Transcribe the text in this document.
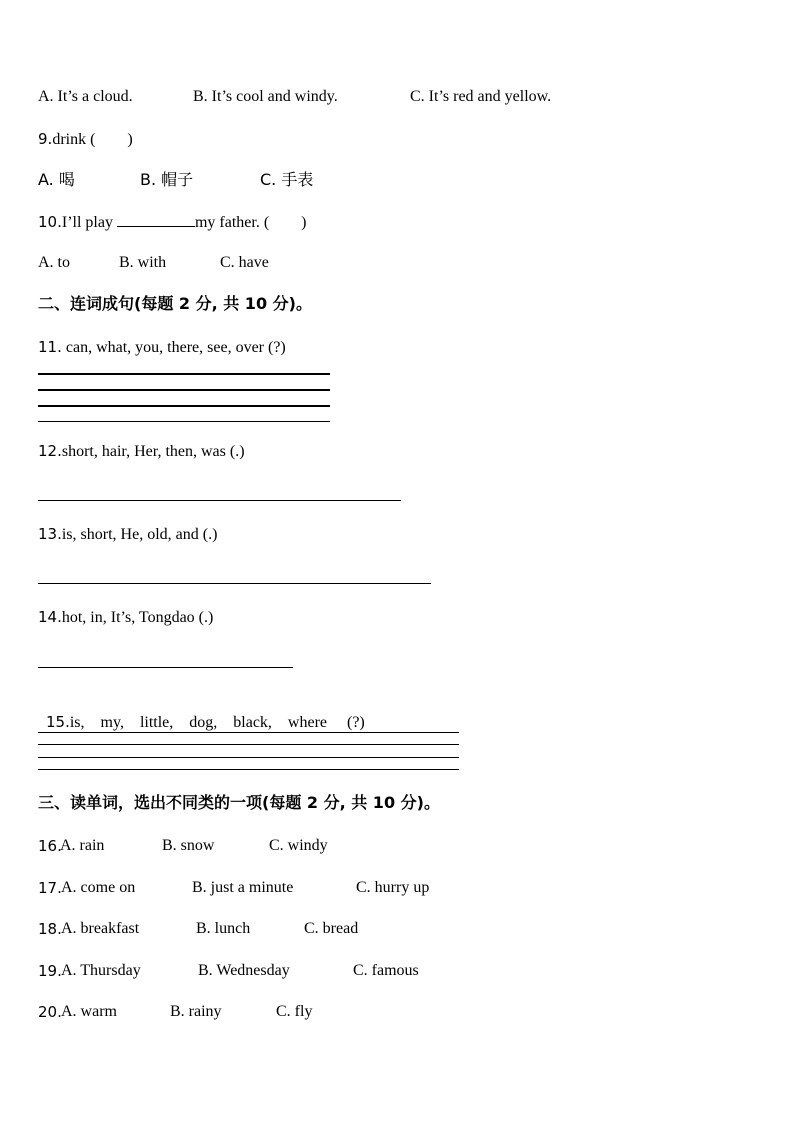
A. It’s a cloud.	B. It’s cool and windy.	C. It’s red and yellow.
9.drink (　　)
A. 喝	B. 帽子	C. 手表
10.I’ll play	my father. (　　)
A. to	B. with	C. have
二、连词成句(每题 2 分, 共 10 分)。
11. can, what, you, there, see, over (?)
12.short, hair, Her, then, was (.)
13.is, short, He, old, and (.)
14.hot, in, It’s, Tongdao (.)

15.is,    my,    little,    dog,    black,    where     (?)

三、读单词，选出不同类的一项(每题 2 分, 共 10 分)。
16.
A. rain	B. snow	C. windy
17. A. come on	B. just a minute	C. hurry up
18. A. breakfast	B. lunch	C. bread
19. A. Thursday	B. Wednesday	C. famous
20. A. warm	B. rainy	C. fly
